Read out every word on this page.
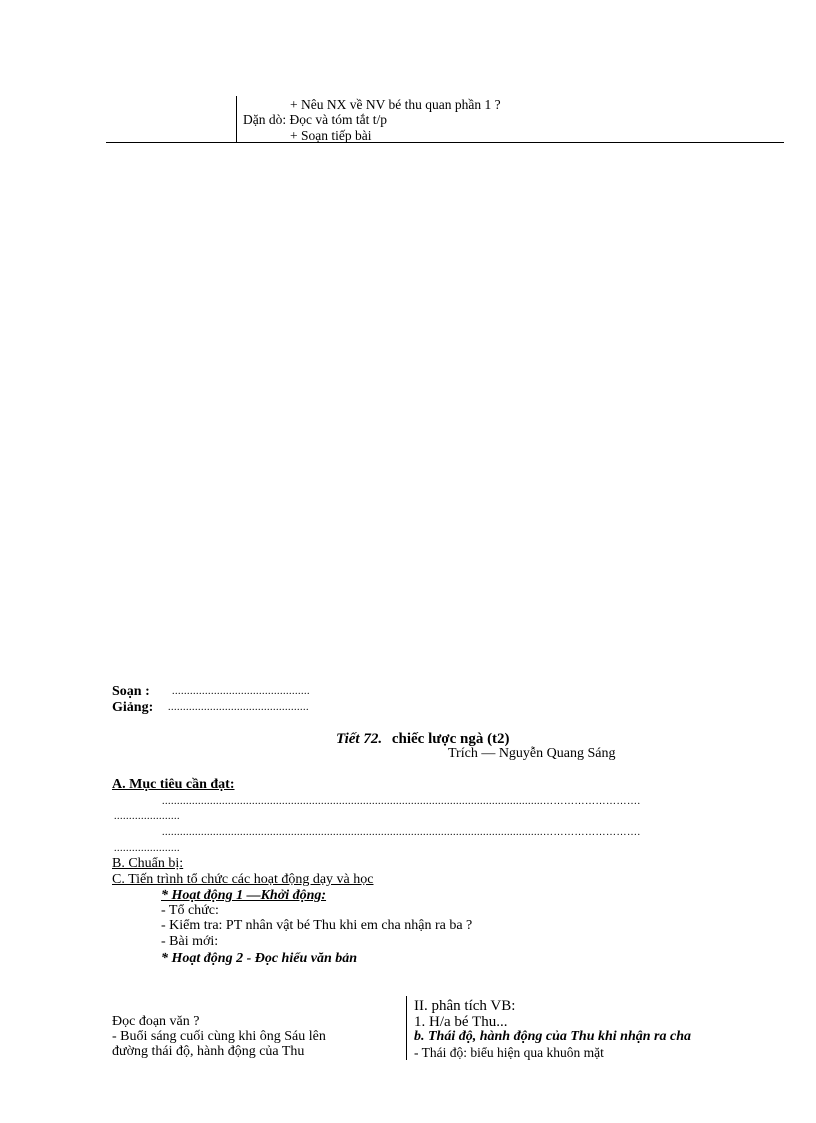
+ Nêu NX về NV bé thu quan phần 1 ?
Dặn dò: Đọc và tóm tắt t/p
+ Soạn tiếp bài
Soạn : ..............................................
Giảng: ...............................................
Tiết 72. chiếc lược ngà (t2)
Trích — Nguyễn Quang Sáng
A. Mục tiêu cần đạt:
...............................................................................................................................……………………….
......................
...............................................................................................................................……………………….
......................
B. Chuẩn bị:
C. Tiến trình tổ chức các hoạt động dạy và học
* Hoạt động 1 —Khởi động:
- Tổ chức:
- Kiểm tra: PT nhân vật bé Thu khi em cha nhận ra ba ?
- Bài mới:
* Hoạt động 2 - Đọc hiểu văn bản
Đọc đoạn văn ?
- Buổi sáng cuối cùng khi ông Sáu lên
đường thái độ, hành động của Thu
II. phân tích VB:
1. H/a bé Thu...
b. Thái độ, hành động của Thu khi nhận ra cha
- Thái độ: biểu hiện qua khuôn mặt
